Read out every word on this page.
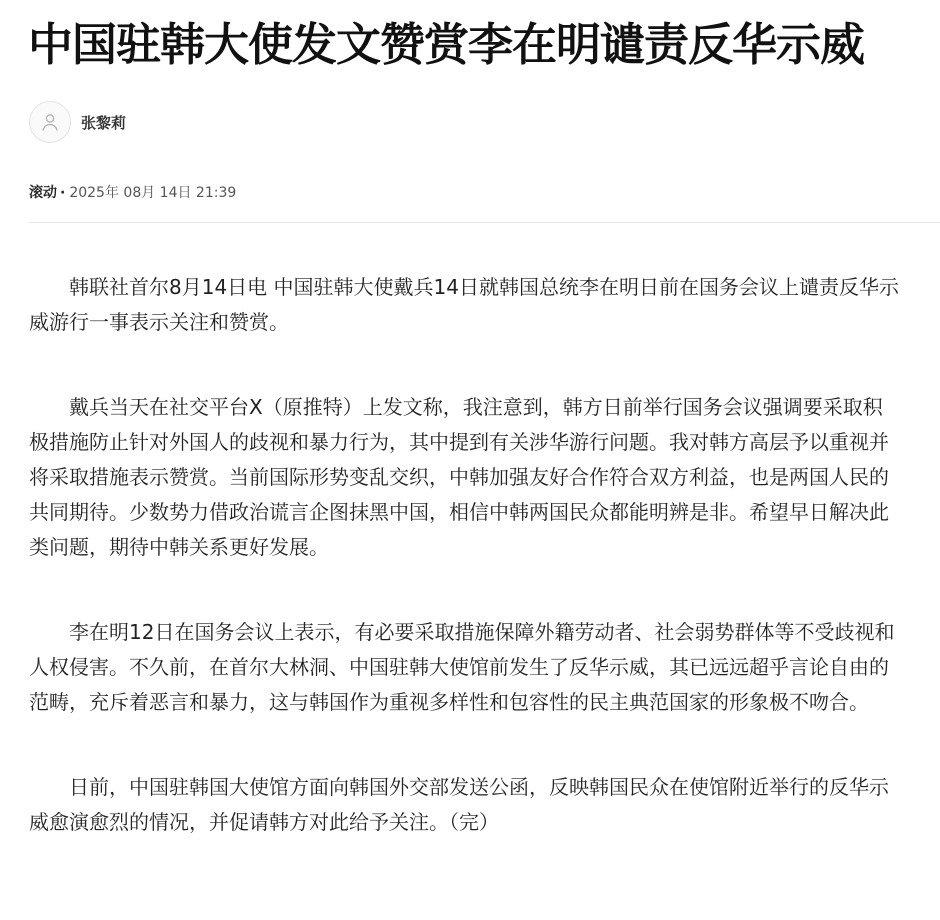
中国驻韩大使发文赞赏李在明谴责反华示威
张黎莉
滚动 · 2025年 08月 14日 21:39

韩联社首尔8月14日电 中国驻韩大使戴兵14日就韩国总统李在明日前在国务会议上谴责反华示威游行一事表示关注和赞赏。

戴兵当天在社交平台X（原推特）上发文称，我注意到，韩方日前举行国务会议强调要采取积极措施防止针对外国人的歧视和暴力行为，其中提到有关涉华游行问题。我对韩方高层予以重视并将采取措施表示赞赏。当前国际形势变乱交织，中韩加强友好合作符合双方利益，也是两国人民的共同期待。少数势力借政治谎言企图抹黑中国，相信中韩两国民众都能明辨是非。希望早日解决此类问题，期待中韩关系更好发展。

李在明12日在国务会议上表示，有必要采取措施保障外籍劳动者、社会弱势群体等不受歧视和人权侵害。不久前，在首尔大林洞、中国驻韩大使馆前发生了反华示威，其已远远超乎言论自由的范畴，充斥着恶言和暴力，这与韩国作为重视多样性和包容性的民主典范国家的形象极不吻合。

日前，中国驻韩国大使馆方面向韩国外交部发送公函，反映韩国民众在使馆附近举行的反华示威愈演愈烈的情况，并促请韩方对此给予关注。（完）
